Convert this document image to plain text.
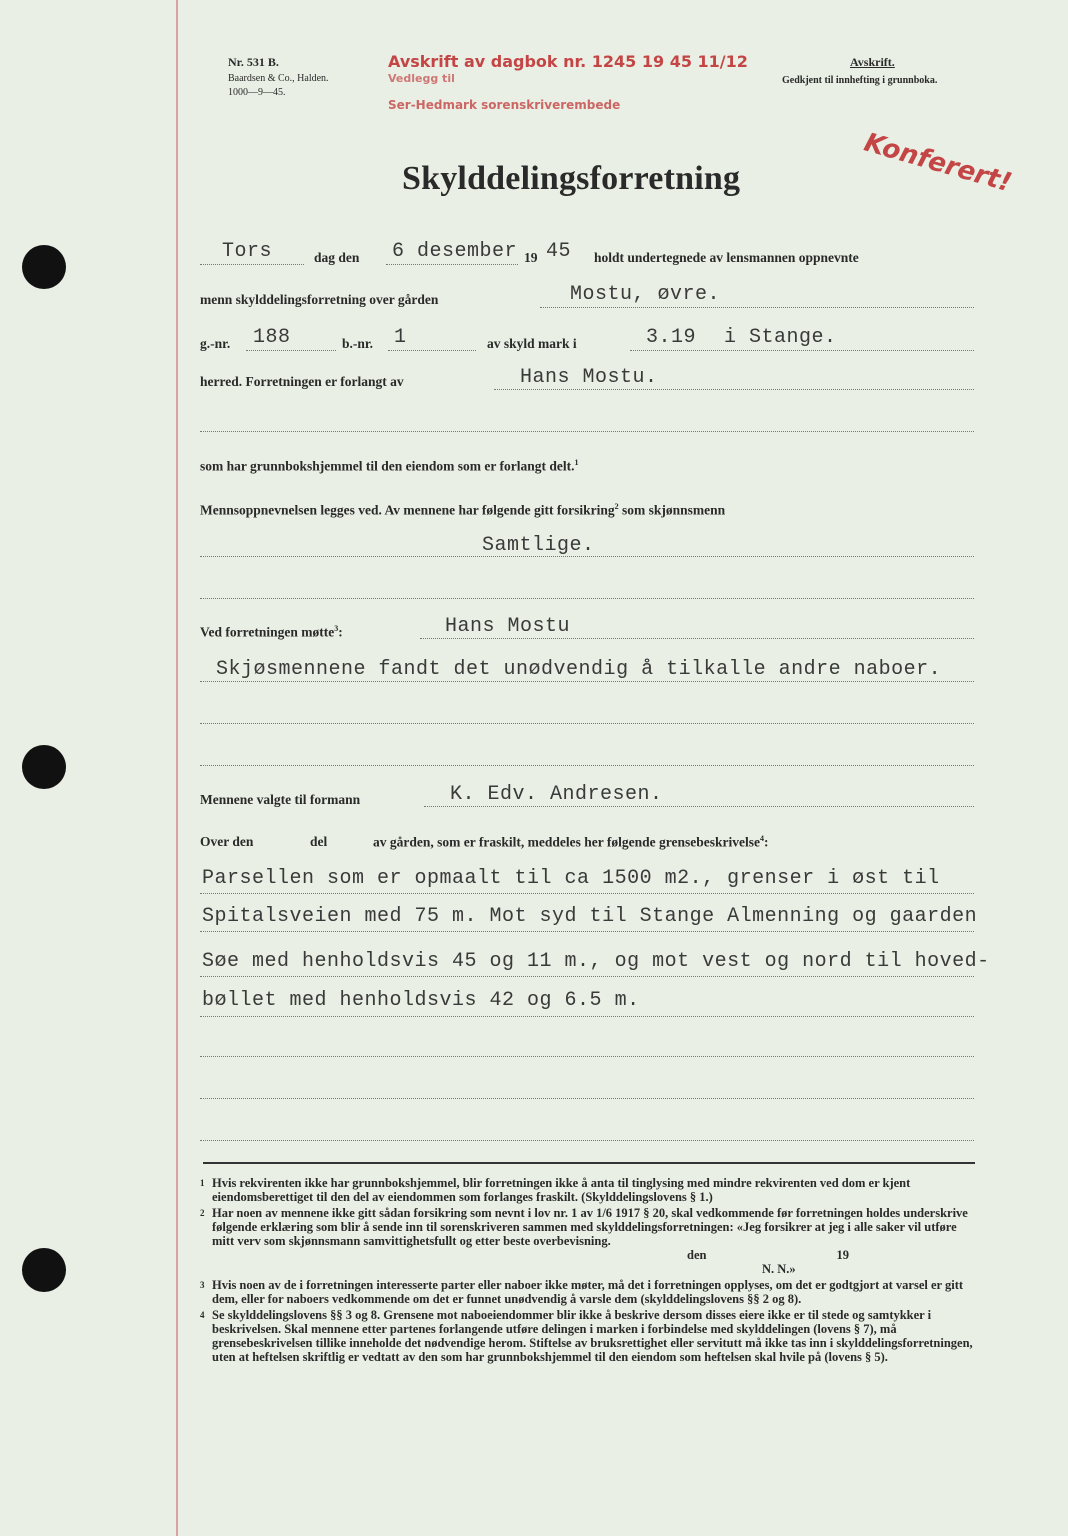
Nr. 531 B.
Baardsen & Co., Halden.
1000—9—45.
Avskrift.
Gedkjent til innhefting i grunnboka.
Avskrift av dagbok nr. 1245 19 45 11/12
Vedlegg til
Ser-Hedmark sorenskriverembede
Konferert!
Skylddelingsforretning
Tors	dag den 6 desember 19 45 holdt undertegnede av lensmannen oppnevnte
menn skylddelingsforretning over gården	Mostu, øvre.
g.-nr. 188	b.-nr. 1	av skyld mark i	3.19 i Stange.
herred. Forretningen er forlangt av	Hans Mostu.
som har grunnbokshjemmel til den eiendom som er forlangt delt.$^1$
Mennsoppnevnelsen legges ved. Av mennene har følgende gitt forsikring$^2$ som skjønnsmenn
Samtlige.
Ved forretningen møtte$^3$:	Hans Mostu
Skjøsmennene fandt det unødvendig å tilkalle andre naboer.
Mennene valgte til formann	K. Edv. Andresen.
Over den	del	av gården, som er fraskilt, meddeles her følgende grensebeskrivelse$^4$:
Parsellen som er opmaalt til ca 1500 m2., grenser i øst til
Spitalsveien med 75 m. Mot syd til Stange Almenning og gaarden
Søe med henholdsvis 45 og 11 m., og mot vest og nord til hoved-
bøllet med henholdsvis 42 og 6.5 m.
1 Hvis rekvirenten ikke har grunnbokshjemmel, blir forretningen ikke å anta til tinglysing med mindre rekvirenten ved dom er kjent eiendomsberettiget til den del av eiendommen som forlanges fraskilt. (Skylddelingslovens § 1.)
2 Har noen av mennene ikke gitt sådan forsikring som nevnt i lov nr. 1 av 1/6 1917 § 20, skal vedkommende før forretningen holdes underskrive følgende erklæring som blir å sende inn til sorenskriveren sammen med skylddelingsforretningen: «Jeg forsikrer at jeg i alle saker vil utføre mitt verv som skjønnsmann samvittighetsfullt og etter beste overbevisning.
den	19
N. N.»
3 Hvis noen av de i forretningen interesserte parter eller naboer ikke møter, må det i forretningen opplyses, om det er godtgjort at varsel er gitt dem, eller for naboers vedkommende om det er funnet unødvendig å varsle dem (skylddelingslovens §§ 2 og 8).
4 Se skylddelingslovens §§ 3 og 8. Grensene mot naboeiendommer blir ikke å beskrive dersom disses eiere ikke er til stede og samtykker i beskrivelsen. Skal mennene etter partenes forlangende utføre delingen i marken i forbindelse med skylddelingen (lovens § 7), må grensebeskrivelsen tillike inneholde det nødvendige herom. Stiftelse av bruksrettighet eller servitutt må ikke tas inn i skylddelingsforretningen, uten at heftelsen skriftlig er vedtatt av den som har grunnbokshjemmel til den eiendom som heftelsen skal hvile på (lovens § 5).
